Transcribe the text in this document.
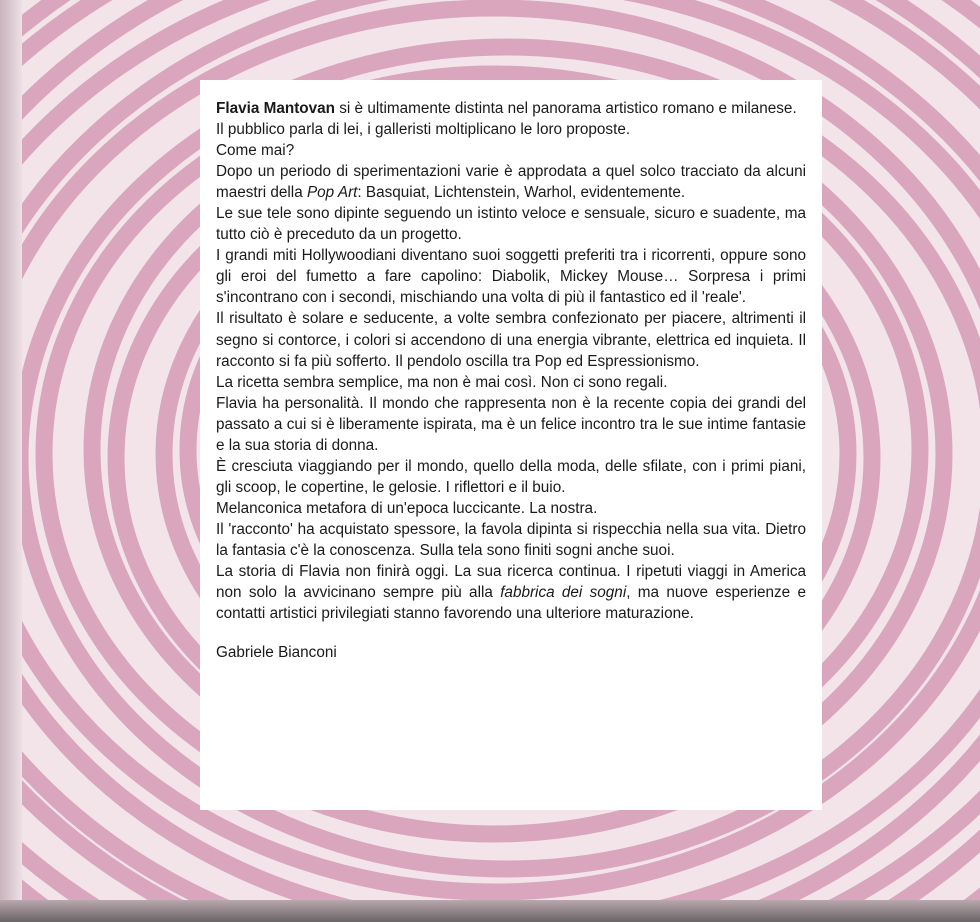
Flavia Mantovan si è ultimamente distinta nel panorama artistico romano e milanese.

Il pubblico parla di lei, i galleristi moltiplicano le loro proposte.

Come mai?

Dopo un periodo di sperimentazioni varie è approdata a quel solco tracciato da alcuni maestri della Pop Art: Basquiat, Lichtenstein, Warhol, evidentemente.

Le sue tele sono dipinte seguendo un istinto veloce e sensuale, sicuro e suadente, ma tutto ciò è preceduto da un progetto.

I grandi miti Hollywoodiani diventano suoi soggetti preferiti tra i ricorrenti, oppure sono gli eroi del fumetto a fare capolino: Diabolik, Mickey Mouse… Sorpresa i primi s'incontrano con i secondi, mischiando una volta di più il fantastico ed il 'reale'.

Il risultato è solare e seducente, a volte sembra confezionato per piacere, altrimenti il segno si contorce, i colori si accendono di una energia vibrante, elettrica ed inquieta. Il racconto si fa più sofferto. Il pendolo oscilla tra Pop ed Espressionismo.

La ricetta sembra semplice, ma non è mai così. Non ci sono regali.

Flavia ha personalità. Il mondo che rappresenta non è la recente copia dei grandi del passato a cui si è liberamente ispirata, ma è un felice incontro tra le sue intime fantasie e la sua storia di donna.

È cresciuta viaggiando per il mondo, quello della moda, delle sfilate, con i primi piani, gli scoop, le copertine, le gelosie. I riflettori e il buio.

Melanconica metafora di un'epoca luccicante. La nostra.

Il 'racconto' ha acquistato spessore, la favola dipinta si rispecchia nella sua vita. Dietro la fantasia c'è la conoscenza. Sulla tela sono finiti sogni anche suoi.

La storia di Flavia non finirà oggi. La sua ricerca continua. I ripetuti viaggi in America non solo la avvicinano sempre più alla fabbrica dei sogni, ma nuove esperienze e contatti artistici privilegiati stanno favorendo una ulteriore maturazione.

Gabriele Bianconi
